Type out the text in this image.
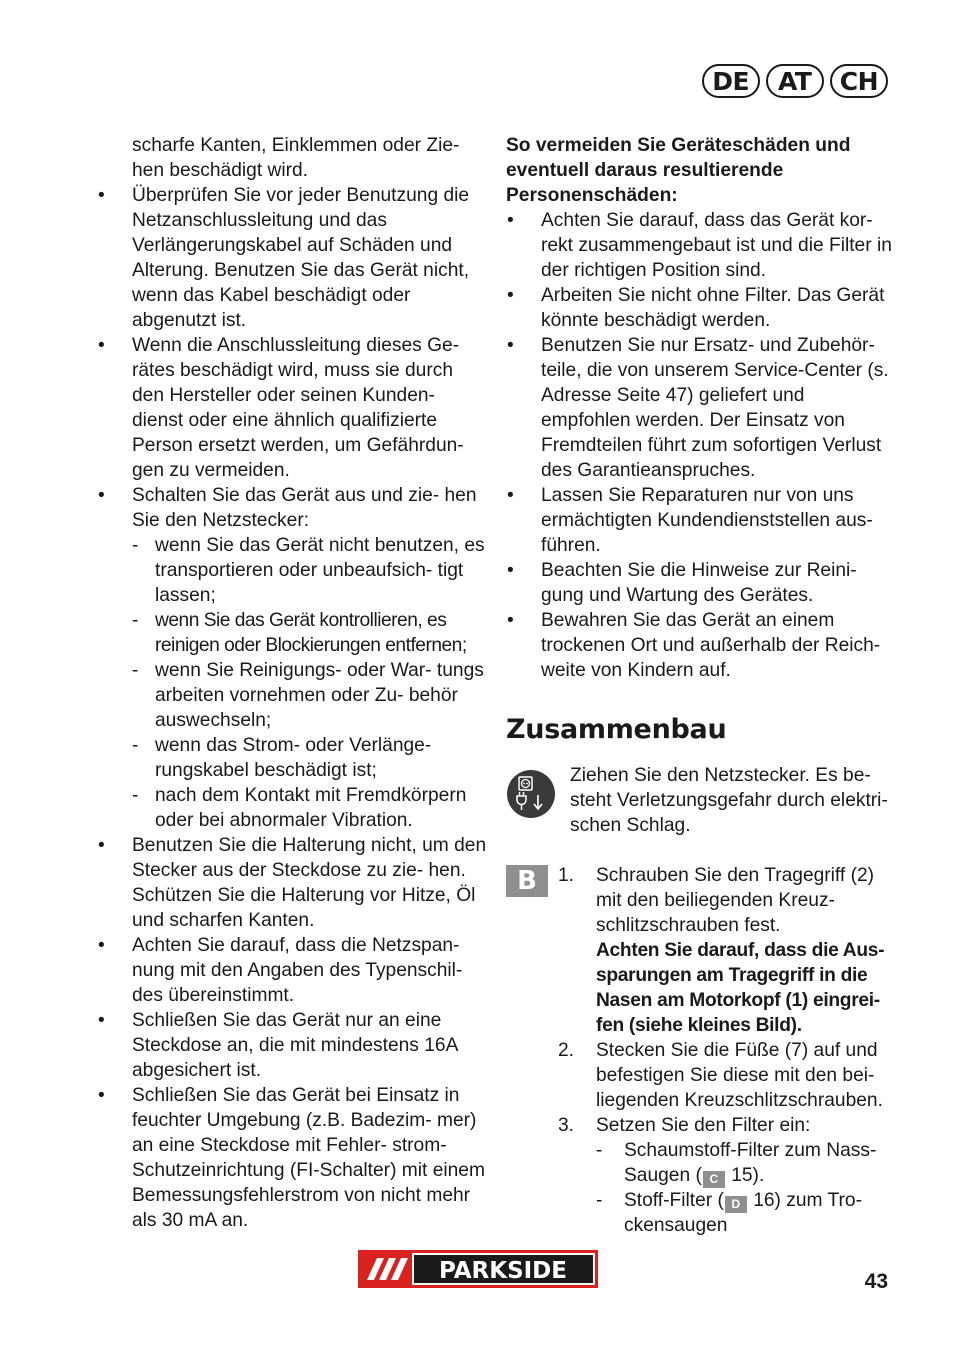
DE	AT	CH

scharfe Kanten, Einklemmen oder Zie- hen beschädigt wird.

• Überprüfen Sie vor jeder Benutzung die Netzanschlussleitung und das Verlängerungskabel auf Schäden und Alterung. Benutzen Sie das Gerät nicht, wenn das Kabel beschädigt oder abgenutzt ist.
• Wenn die Anschlussleitung dieses Ge- rätes beschädigt wird, muss sie durch den Hersteller oder seinen Kunden- dienst oder eine ähnlich qualifizierte Person ersetzt werden, um Gefährdun- gen zu vermeiden.
• Schalten Sie das Gerät aus und zie- hen Sie den Netzstecker:
- wenn Sie das Gerät nicht benutzen, es transportieren oder unbeaufsich- tigt lassen;
- wenn Sie das Gerät kontrollieren, es reinigen oder Blockierungen entfernen;
- wenn Sie Reinigungs- oder War- tungs arbeiten vornehmen oder Zu- behör auswechseln;
- wenn das Strom- oder Verlänge- rungskabel beschädigt ist;
- nach dem Kontakt mit Fremdkörpern oder bei abnormaler Vibration.
• Benutzen Sie die Halterung nicht, um den Stecker aus der Steckdose zu zie- hen. Schützen Sie die Halterung vor Hitze, Öl und scharfen Kanten.
• Achten Sie darauf, dass die Netzspan- nung mit den Angaben des Typenschil- des übereinstimmt.
• Schließen Sie das Gerät nur an eine Steckdose an, die mit mindestens 16A abgesichert ist.
• Schließen Sie das Gerät bei Einsatz in feuchter Umgebung (z.B. Badezim- mer) an eine Steckdose mit Fehler- strom-Schutzeinrichtung (FI-Schalter) mit einem Bemessungsfehlerstrom von nicht mehr als 30 mA an.

So vermeiden Sie Geräteschäden und eventuell daraus resultierende Personenschäden:

• Achten Sie darauf, dass das Gerät kor- rekt zusammengebaut ist und die Filter in der richtigen Position sind.
• Arbeiten Sie nicht ohne Filter. Das Gerät könnte beschädigt werden.
• Benutzen Sie nur Ersatz- und Zubehör- teile, die von unserem Service-Center (s. Adresse Seite 47) geliefert und empfohlen werden. Der Einsatz von Fremdteilen führt zum sofortigen Verlust des Garantieanspruches.
• Lassen Sie Reparaturen nur von uns ermächtigten Kundendienststellen aus- führen.
• Beachten Sie die Hinweise zur Reini- gung und Wartung des Gerätes.
• Bewahren Sie das Gerät an einem trockenen Ort und außerhalb der Reich- weite von Kindern auf.
Zusammenbau

Ziehen Sie den Netzstecker. Es be- steht Verletzungsgefahr durch elektri- schen Schlag.

B	1. Schrauben Sie den Tragegriff (2) mit den beiliegenden Kreuz- schlitzschrauben fest.
Achten Sie darauf, dass die Aus- sparungen am Tragegriff in die Nasen am Motorkopf (1) eingrei- fen (siehe kleines Bild).
2. Stecken Sie die Füße (7) auf und befestigen Sie diese mit den bei- liegenden Kreuzschlitzschrauben.
3. Setzen Sie den Filter ein:
- Schaumstoff-Filter zum Nass-Saugen ( C 15).
- Stoff-Filter ( D 16) zum Tro- ckensaugen
PARKSIDE	43
